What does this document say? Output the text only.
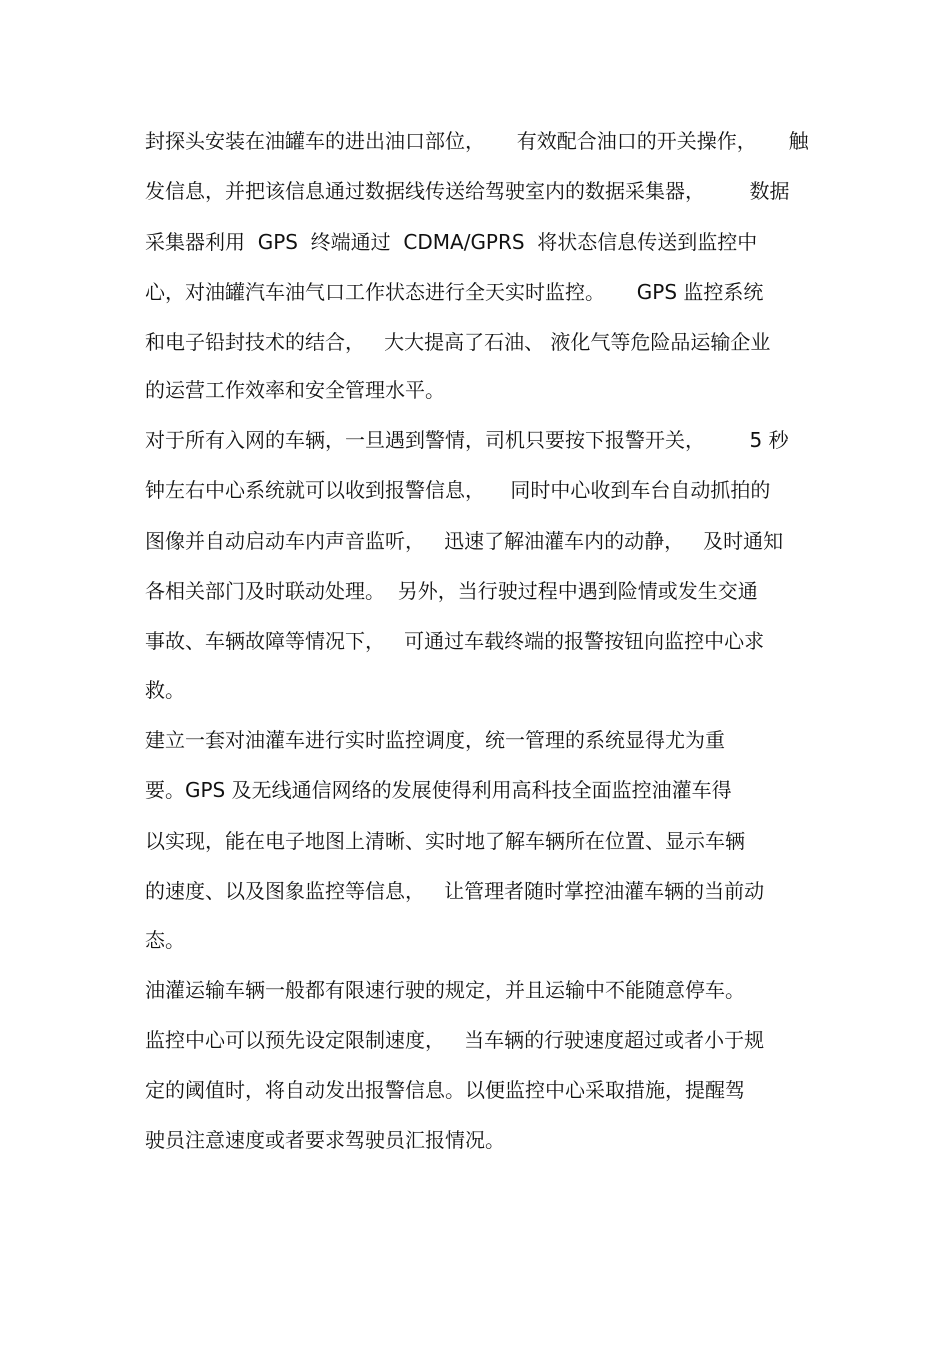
封探头安装在油罐车的进出油口部位，     有效配合油口的开关操作，     触
发信息，并把该信息通过数据线传送给驾驶室内的数据采集器，       数据
采集器利用  GPS  终端通过  CDMA/GPRS  将状态信息传送到监控中
心，对油罐汽车油气口工作状态进行全天实时监控。     GPS 监控系统
和电子铅封技术的结合，   大大提高了石油、 液化气等危险品运输企业
的运营工作效率和安全管理水平。
对于所有入网的车辆，一旦遇到警情，司机只要按下报警开关，       5 秒
钟左右中心系统就可以收到报警信息，    同时中心收到车台自动抓拍的
图像并自动启动车内声音监听，   迅速了解油灌车内的动静，   及时通知
各相关部门及时联动处理。  另外，当行驶过程中遇到险情或发生交通
事故、车辆故障等情况下，   可通过车载终端的报警按钮向监控中心求
救。
建立一套对油灌车进行实时监控调度，统一管理的系统显得尤为重
要。GPS 及无线通信网络的发展使得利用高科技全面监控油灌车得
以实现，能在电子地图上清晰、实时地了解车辆所在位置、显示车辆
的速度、以及图象监控等信息，   让管理者随时掌控油灌车辆的当前动
态。
油灌运输车辆一般都有限速行驶的规定，并且运输中不能随意停车。
监控中心可以预先设定限制速度，   当车辆的行驶速度超过或者小于规
定的阈值时，将自动发出报警信息。以便监控中心采取措施，提醒驾
驶员注意速度或者要求驾驶员汇报情况。
